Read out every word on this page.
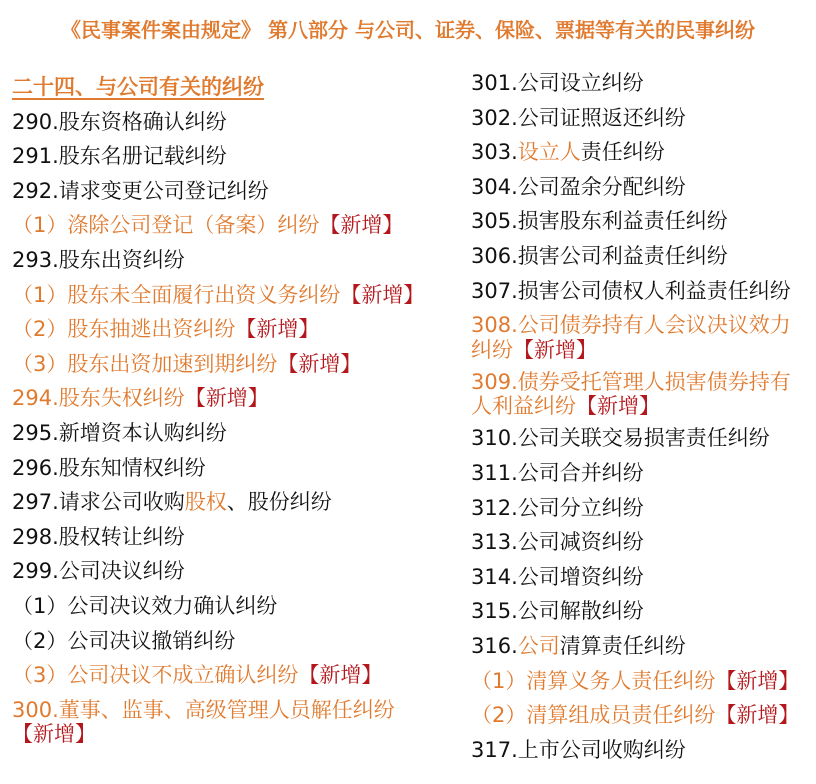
《民事案件案由规定》 第八部分 与公司、证券、保险、票据等有关的民事纠纷
二十四、与公司有关的纠纷
290.股东资格确认纠纷
291.股东名册记载纠纷
292.请求变更公司登记纠纷
（1）涤除公司登记（备案）纠纷【新增】
293.股东出资纠纷
（1）股东未全面履行出资义务纠纷【新增】
（2）股东抽逃出资纠纷【新增】
（3）股东出资加速到期纠纷【新增】
294.股东失权纠纷【新增】
295.新增资本认购纠纷
296.股东知情权纠纷
297.请求公司收购股权、股份纠纷
298.股权转让纠纷
299.公司决议纠纷
（1）公司决议效力确认纠纷
（2）公司决议撤销纠纷
（3）公司决议不成立确认纠纷【新增】
300.董事、监事、高级管理人员解任纠纷
【新增】
301.公司设立纠纷
302.公司证照返还纠纷
303.设立人责任纠纷
304.公司盈余分配纠纷
305.损害股东利益责任纠纷
306.损害公司利益责任纠纷
307.损害公司债权人利益责任纠纷
308.公司债券持有人会议决议效力
纠纷【新增】
309.债券受托管理人损害债券持有
人利益纠纷【新增】
310.公司关联交易损害责任纠纷
311.公司合并纠纷
312.公司分立纠纷
313.公司减资纠纷
314.公司增资纠纷
315.公司解散纠纷
316.公司清算责任纠纷
（1）清算义务人责任纠纷【新增】
（2）清算组成员责任纠纷【新增】
317.上市公司收购纠纷
